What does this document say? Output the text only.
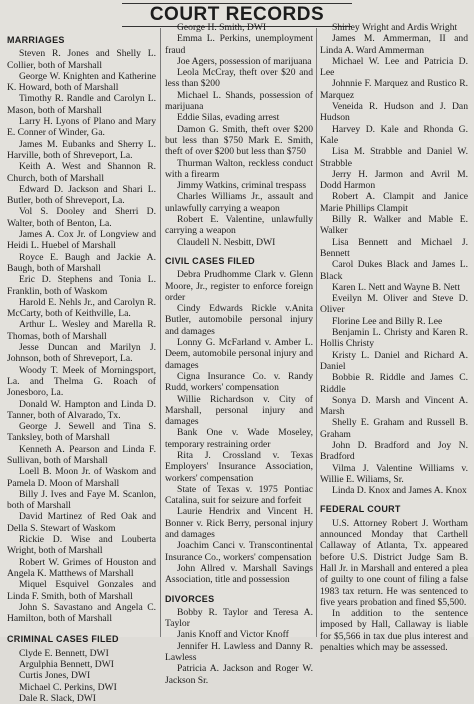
COURT RECORDS
MARRIAGES

Steven R. Jones and Shelly L. Collier, both of Marshall

George W. Knighten and Katherine K. Howard, both of Marshall

Timothy R. Randle and Carolyn L. Mason, both of Marshall

Larry H. Lyons of Plano and Mary E. Conner of Winder, Ga.

James M. Eubanks and Sherry L. Harville, both of Shreveport, La.

Keith A. West and Shannon R. Church, both of Marshall

Edward D. Jackson and Shari L. Butler, both of Shreveport, La.

Vol S. Dooley and Sherri D. Walter, both of Benton, La.

James A. Cox Jr. of Longview and Heidi L. Huebel of Marshall

Royce E. Baugh and Jackie A. Baugh, both of Marshall

Eric D. Stephens and Tonia L. Franklin, both of Waskom

Harold E. Nehls Jr., and Carolyn R. McCarty, both of Keithville, La.

Arthur L. Wesley and Marella R. Thomas, both of Marshall

Jesse Duncan and Marilyn J. Johnson, both of Shreveport, La.

Woody T. Meek of Morningsport, La. and Thelma G. Roach of Jonesboro, La.

Donald W. Hampton and Linda D. Tanner, both of Alvarado, Tx.

George J. Sewell and Tina S. Tanksley, both of Marshall

Kenneth A. Pearson and Linda F. Sullivan, both of Marshall

Loell B. Moon Jr. of Waskom and Pamela D. Moon of Marshall

Billy J. Ives and Faye M. Scanlon, both of Marshall

David Martinez of Red Oak and Della S. Stewart of Waskom

Rickie D. Wise and Louberta Wright, both of Marshall

Robert W. Grimes of Houston and Angela K. Matthews of Marshall

Miquel Esquivel Gonzales and Linda F. Smith, both of Marshall

John S. Savastano and Angela C. Hamilton, both of Marshall

CRIMINAL CASES FILED

Clyde E. Bennett, DWI

Argulphia Bennett, DWI

Curtis Jones, DWI

Michael C. Perkins, DWI

Dale R. Slack, DWI

George H. Smith, DWI

Emma L. Perkins, unemployment fraud

Joe Agers, possession of marijuana

Leola McCray, theft over $20 and less than $200

Michael L. Shands, possession of marijuana

Eddie Silas, evading arrest

Damon G. Smith, theft over $200 but less than $750 Mark E. Smith, theft of over $200 but less than $750

Thurman Walton, reckless conduct with a firearm

Jimmy Watkins, criminal trespass

Charles Williams Jr., assault and unlawfully carrying a weapon

Robert E. Valentine, unlawfully carrying a weapon

Claudell N. Nesbitt, DWI

CIVIL CASES FILED

Debra Prudhomme Clark v. Glenn Moore, Jr., register to enforce foreign order

Cindy Edwards Rickle v.Anita Butler, automobile personal injury and damages

Lonny G. McFarland v. Amber L. Deem, automobile personal injury and damages

Cigna Insurance Co. v. Randy Rudd, workers' compensation

Willie Richardson v. City of Marshall, personal injury and damages

Bank One v. Wade Moseley, temporary restraining order

Rita J. Crossland v. Texas Employers' Insurance Association, workers' compensation

State of Texas v. 1975 Pontiac Catalina, suit for seizure and forfeit

Laurie Hendrix and Vincent H. Bonner v. Rick Berry, personal injury and damages

Joachim Canci v. Transcontinental Insurance Co., workers' compensation

John Allred v. Marshall Savings Association, title and possession

DIVORCES

Bobby R. Taylor and Teresa A. Taylor

Janis Knoff and Victor Knoff

Jennifer H. Lawless and Danny R. Lawless

Patricia A. Jackson and Roger W. Jackson Sr.

Shirley Wright and Ardis Wright

James M. Ammerman, II and Linda A. Ward Ammerman

Michael W. Lee and Patricia D. Lee

Johnnie F. Marquez and Rustico R. Marquez

Veneida R. Hudson and J. Dan Hudson

Harvey D. Kale and Rhonda G. Kale

Lisa M. Strabble and Daniel W. Strabble

Jerry H. Jarmon and Avril M. Dodd Harmon

Robert A. Clampit and Janice Marie Phillips Clampit

Billy R. Walker and Mable E. Walker

Lisa Bennett and Michael J. Bennett

Carol Dukes Black and James L. Black

Karen L. Nett and Wayne B. Nett

Eveilyn M. Oliver and Steve D. Oliver

Florine Lee and Billy R. Lee

Benjamin L. Christy and Karen R. Hollis Christy

Kristy L. Daniel and Richard A. Daniel

Bobbie R. Riddle and James C. Riddle

Sonya D. Marsh and Vincent A. Marsh

Shelly E. Graham and Russell B. Graham

John D. Bradford and Joy N. Bradford

Vilma J. Valentine Williams v. Willie E. Wiliams, Sr.

Linda D. Knox and James A. Knox

FEDERAL COURT

U.S. Attorney Robert J. Wortham announced Monday that Carthell Callaway of Atlanta, Tx. appeared before U.S. District Judge Sam B. Hall Jr. in Marshall and entered a plea of guilty to one count of filing a false 1983 tax return. He was sentenced to five years probation and fined $5,500.

In addition to the sentence imposed by Hall, Callaway is liable for $5,566 in tax due plus interest and penalties which may be assessed.
